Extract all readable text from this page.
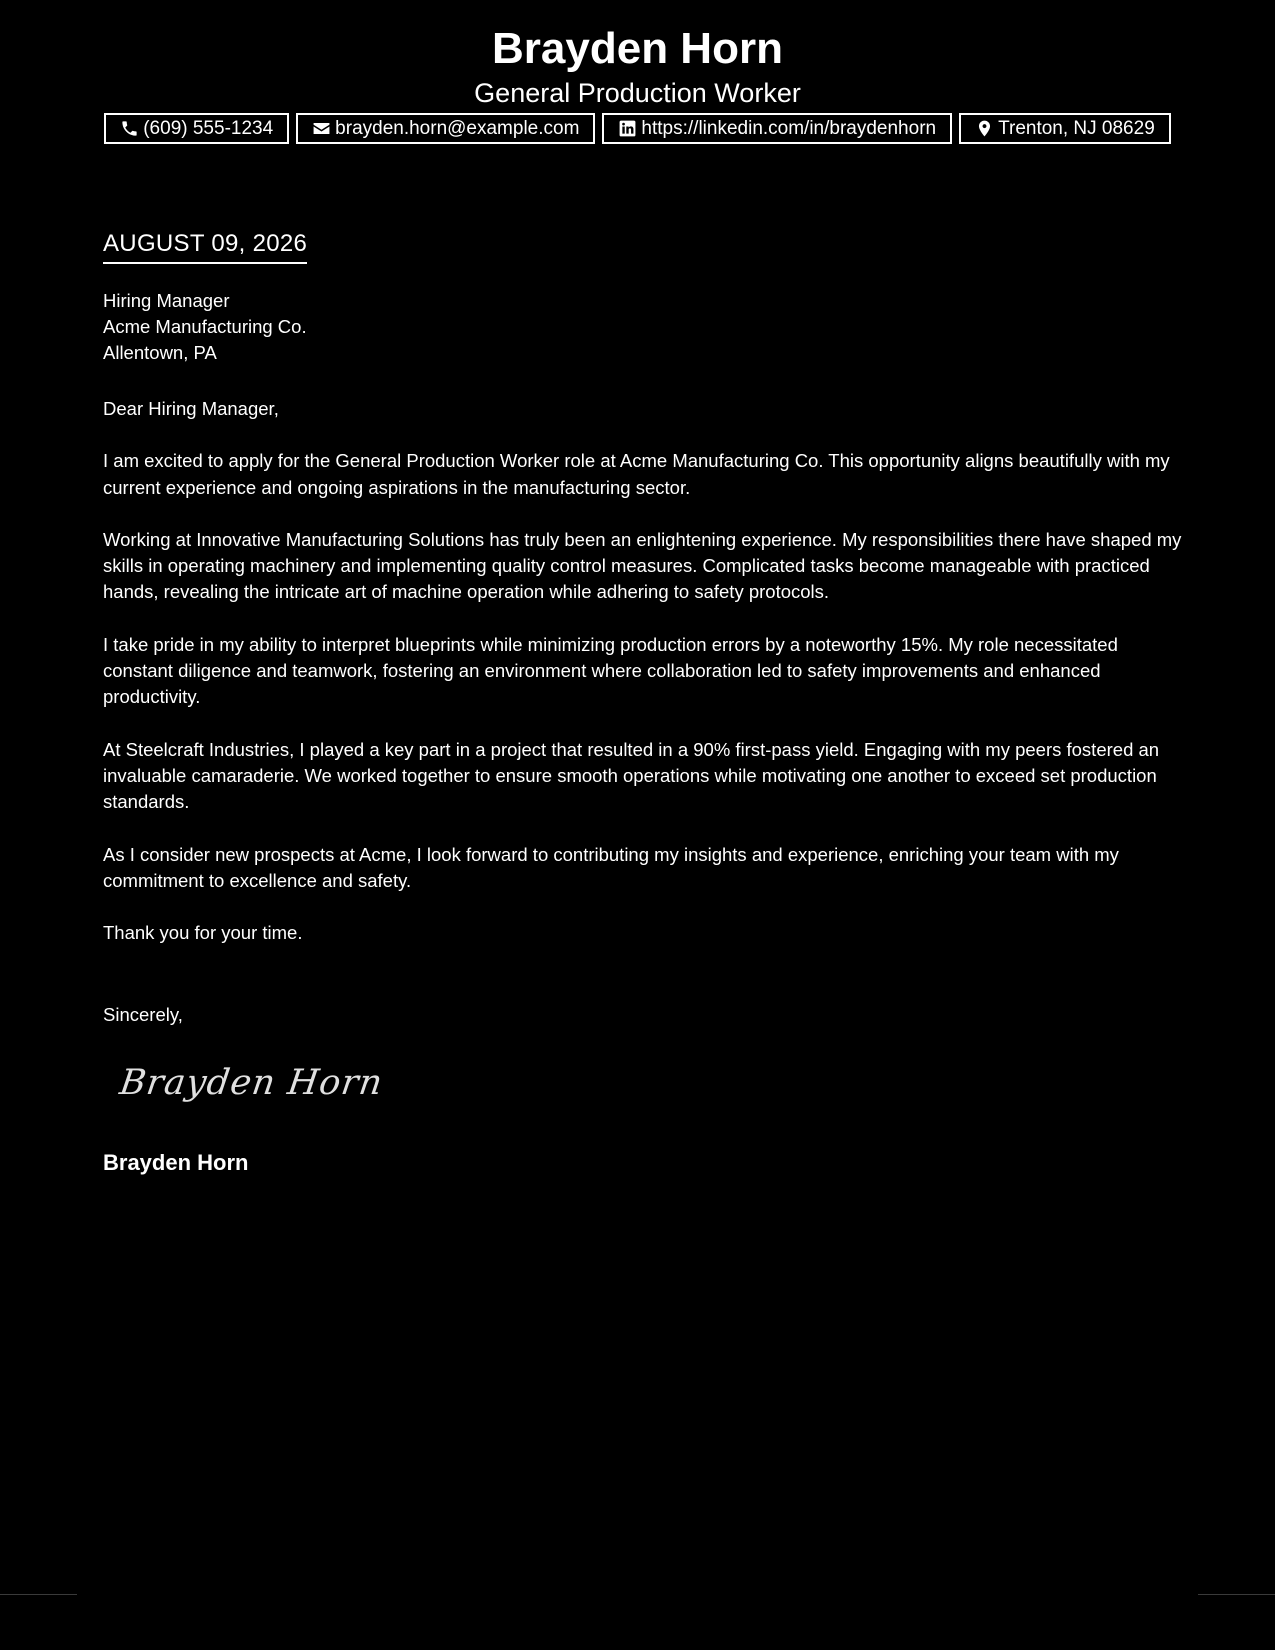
Brayden Horn
General Production Worker
(609) 555-1234	brayden.horn@example.com	https://linkedin.com/in/braydenhorn	Trenton, NJ 08629
AUGUST 09, 2026
Hiring Manager
Acme Manufacturing Co.
Allentown, PA

Dear Hiring Manager,

I am excited to apply for the General Production Worker role at Acme Manufacturing Co. This opportunity aligns beautifully with my current experience and ongoing aspirations in the manufacturing sector.

Working at Innovative Manufacturing Solutions has truly been an enlightening experience. My responsibilities there have shaped my skills in operating machinery and implementing quality control measures. Complicated tasks become manageable with practiced hands, revealing the intricate art of machine operation while adhering to safety protocols.

I take pride in my ability to interpret blueprints while minimizing production errors by a noteworthy 15%. My role necessitated constant diligence and teamwork, fostering an environment where collaboration led to safety improvements and enhanced productivity.

At Steelcraft Industries, I played a key part in a project that resulted in a 90% first-pass yield. Engaging with my peers fostered an invaluable camaraderie. We worked together to ensure smooth operations while motivating one another to exceed set production standards.

As I consider new prospects at Acme, I look forward to contributing my insights and experience, enriching your team with my commitment to excellence and safety.

Thank you for your time.

Sincerely,
Brayden Horn
Brayden Horn
